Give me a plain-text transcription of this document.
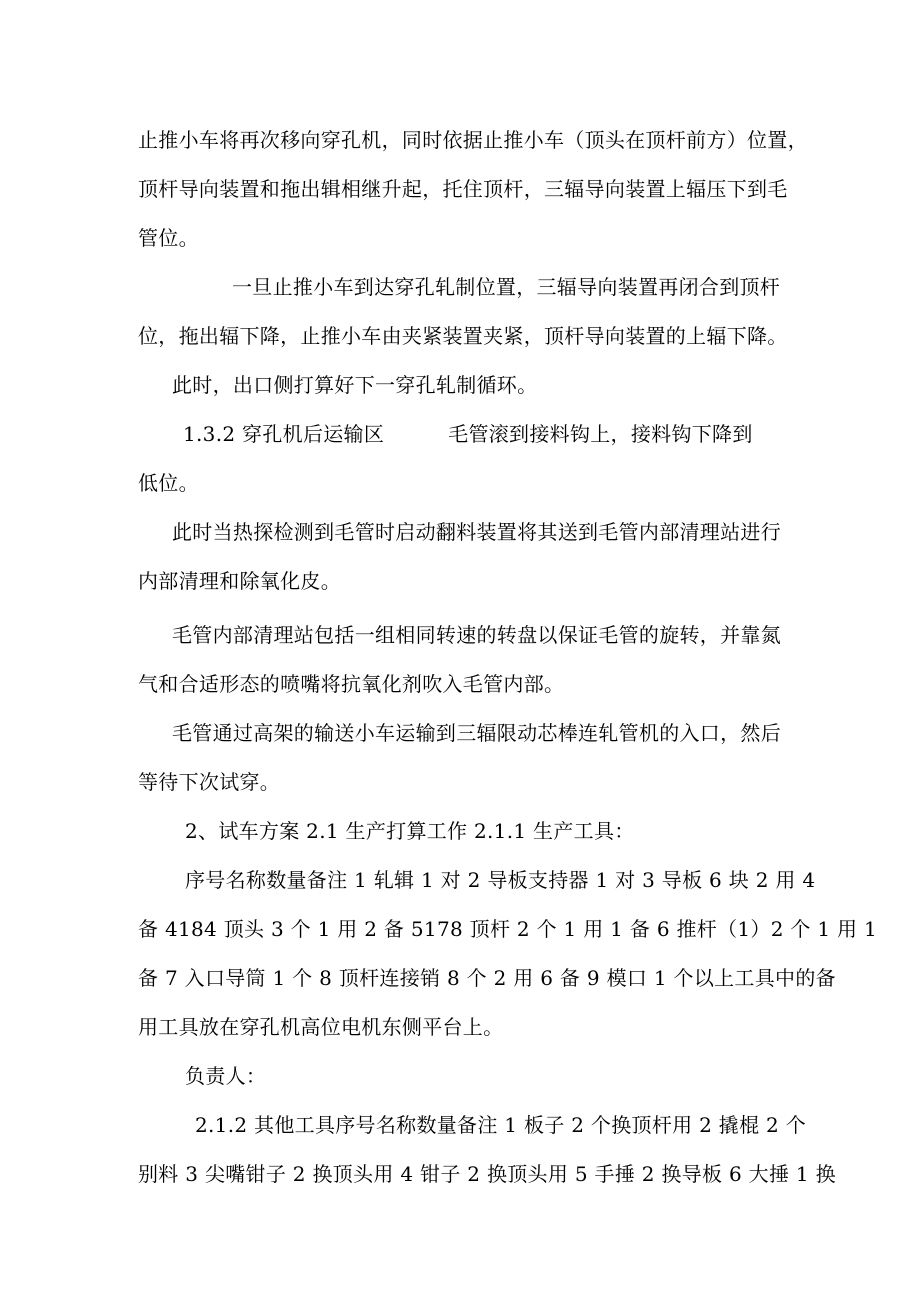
止推小车将再次移向穿孔机，同时依据止推小车（顶头在顶杆前方）位置，
顶杆导向装置和拖出辑相继升起，托住顶杆，三辐导向装置上辐压下到毛
管位。
一旦止推小车到达穿孔轧制位置，三辐导向装置再闭合到顶杆
位，拖出辐下降，止推小车由夹紧装置夹紧，顶杆导向装置的上辐下降。
此时，出口侧打算好下一穿孔轧制循环。
1.3.2 穿孔机后运输区	毛管滚到接料钩上，接料钩下降到
低位。
此时当热探检测到毛管时启动翻料装置将其送到毛管内部清理站进行
内部清理和除氧化皮。
毛管内部清理站包括一组相同转速的转盘以保证毛管的旋转，并靠氮
气和合适形态的喷嘴将抗氧化剂吹入毛管内部。
毛管通过高架的输送小车运输到三辐限动芯棒连轧管机的入口，然后
等待下次试穿。
2、试车方案 2.1 生产打算工作 2.1.1 生产工具：
序号名称数量备注 1 轧辑 1 对 2 导板支持器 1 对 3 导板 6 块 2 用 4
备 4184 顶头 3 个 1 用 2 备 5178 顶杆 2 个 1 用 1 备 6 推杆（1）2 个 1 用 1
备 7 入口导筒 1 个 8 顶杆连接销 8 个 2 用 6 备 9 模口 1 个以上工具中的备
用工具放在穿孔机高位电机东侧平台上。
负责人：
2.1.2 其他工具序号名称数量备注 1 板子 2 个换顶杆用 2 撬棍 2 个
别料 3 尖嘴钳子 2 换顶头用 4 钳子 2 换顶头用 5 手捶 2 换导板 6 大捶 1 换
